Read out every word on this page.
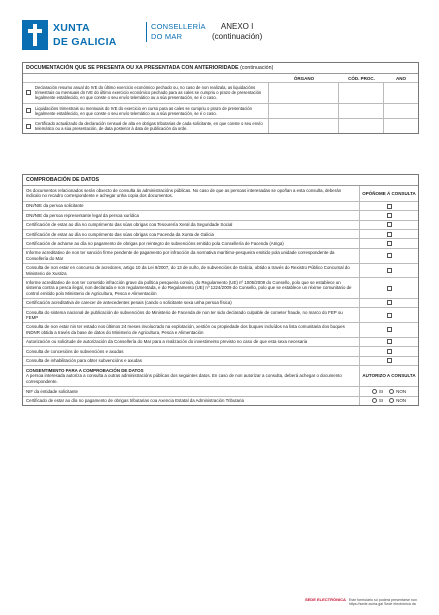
XUNTA
DE GALICIA
CONSELLERÍA
DO MAR
ANEXO I
(continuación)
DOCUMENTACIÓN QUE SE PRESENTA OU XA PRESENTADA CON ANTERIORIDADE (continuación)
ÓRGANO	CÓD. PROC.	ANO
Declaración resumo anual do IVE do último exercicio económico pechado ou, no caso de non realizala, as liquidacións trimestrais ou mensuais do IVE do último exercicio económico pechado para as cales se cumpriu o prazo de presentación legalmente establecido, en que conste o seu envío telemático ou a súa presentación, se é o caso.
Liquidacións trimestrais ou mensuais do IVE do exercicio en curso para as cales se cumpriu o prazo de presentación legalmente establecido, en que conste o seu envío telemático ou a súa presentación, se é o caso.
Certificado actualizado da declaración censual de alta en obrigas tributarias de cada solicitante, en que conste o seu envío telemático ou a súa presentación, de data posterior á data de publicación da orde.
COMPROBACIÓN DE DATOS
Os documentos relacionados serán obxecto de consulta ás administracións públicas. No caso de que as persoas interesadas se opoñan a esta consulta, deberán indicalo no recadro correspondente e achegar unha copia dos documentos.
OPÓÑOME Á CONSULTA
DNI/NIE da persoa solicitante
DNI/NIE da persoa representante legal da persoa xurídica
Certificación de estar ao día no cumprimento das súas obrigas coa Tesourería Xeral da Seguridade Social
Certificación de estar ao día no cumprimento das súas obrigas coa Facenda da Xunta de Galicia
Certificación de acharse ao día no pagamento de obrigas por reintegro de subvencións emitido pola Consellería de Facenda (Atriga)
Informe acreditativo de non ter sanción firme pendente de pagamento por infracción da normativa marítimo-pesqueira emitido pola unidade correspondente da Consellería do Mar
Consulta de non estar en concurso de acredores, artigo 10 da Lei 9/2007, do 13 de xuño, de subvencións de Galicia, obtido a través do Rexistro Público Concursal do Ministerio de Xustiza
Informe acreditativo de non ter cometido infracción grave da política pesqueira común, do Regulamento (UE) nº 1005/2008 do Consello, polo que se establece un sistema contra a pesca ilegal, non declarada e non regulamentada, e do Regulamento (UE) nº 1224/2009 do Consello, polo que se establece un réxime comunitario de control emitido polo Ministerio de Agricultura, Pesca e Alimentación
Certificación acreditativa de carecer de antecedentes penais (cando o solicitante sexa unha persoa física)
Consulta do sistema nacional de publicación de subvencións do Ministerio de Facenda de non ter sido declarado culpable de cometer fraude, no marco do FEP ou FEMP
Consulta de non estar nin ter estado nos últimos 24 meses involucrado na explotación, xestión ou propiedade dos buques incluídos na lista comunitaria dos buques INDNR obtida a través da base de datos do Ministerio de Agricultura, Pesca e Alimentación
Autorización ou solicitude de autorización da Consellería do Mar para a realización do investimento previsto no caso de que esta sexa necesaria
Consulta de concesións de subvencións e axudas
Consulta de inhabilitación para obter subvencións e axudas
CONSENTIMENTO PARA A COMPROBACIÓN DE DATOS
A persoa interesada autoriza a consulta a outras administracións públicas dos seguintes datos. En caso de non autorizar a consulta, deberá achegar o documento correspondente.
AUTORIZO A CONSULTA
NIF da entidade solicitante	SI	NON
Certificado de estar ao día no pagamento de obrigas tributarias coa Axencia Estatal da Administración Tributaria	SI	NON
SEDE ELECTRÓNICA Este formulario só poderá presentarse nun
https://sede.xunta.gal Sede electrónica da
